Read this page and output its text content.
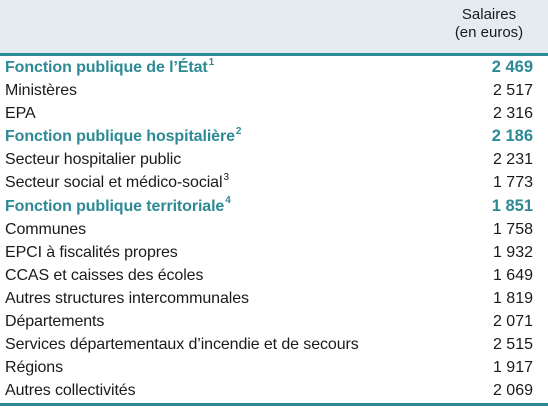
Salaires
(en euros)
Fonction publique de l’État$^1$	2 469
Ministères	2 517
EPA	2 316
Fonction publique hospitalière$^2$	2 186
Secteur hospitalier public	2 231
Secteur social et médico-social$^3$	1 773
Fonction publique territoriale$^4$	1 851
Communes	1 758
EPCI à fiscalités propres	1 932
CCAS et caisses des écoles	1 649
Autres structures intercommunales	1 819
Départements	2 071
Services départementaux d’incendie et de secours	2 515
Régions	1 917
Autres collectivités	2 069
